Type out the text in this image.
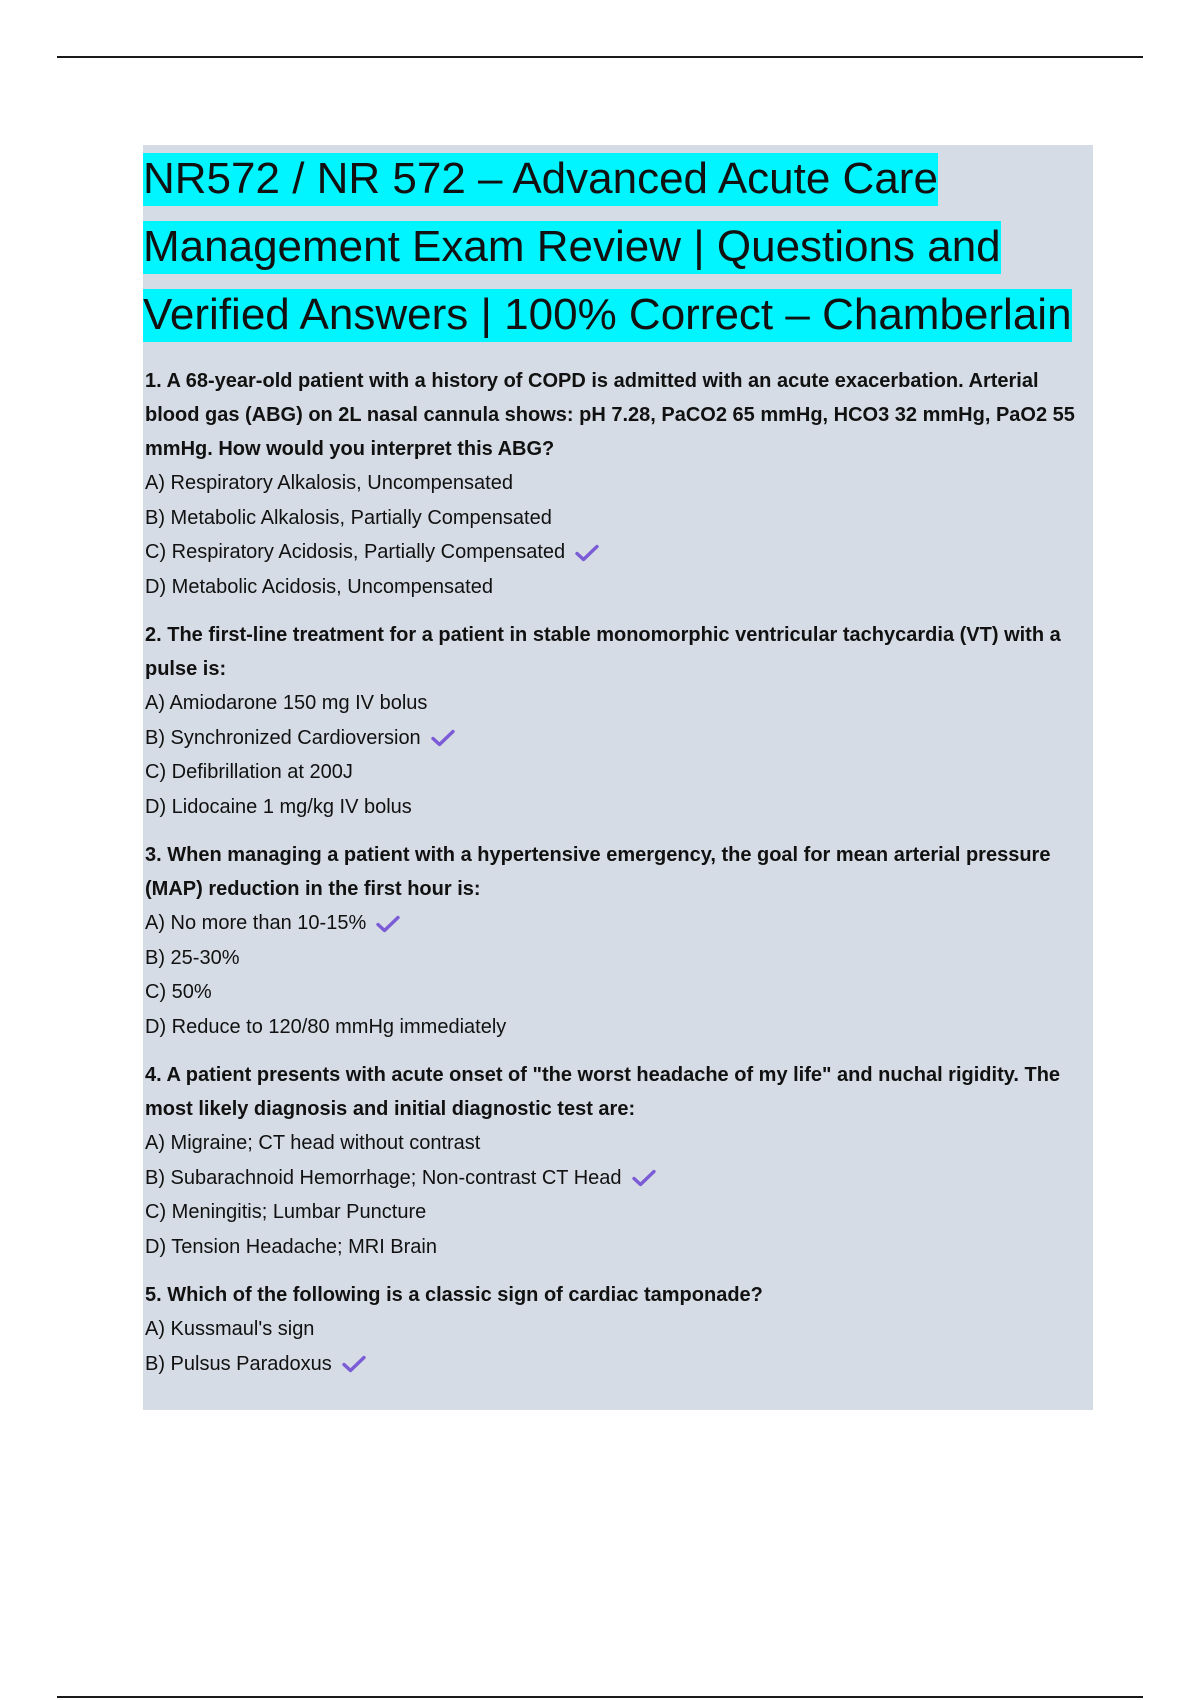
NR572 / NR 572 – Advanced Acute Care
Management Exam Review | Questions and
Verified Answers | 100% Correct – Chamberlain

1. A 68-year-old patient with a history of COPD is admitted with an acute exacerbation. Arterial blood gas (ABG) on 2L nasal cannula shows: pH 7.28, PaCO2 65 mmHg, HCO3 32 mmHg, PaO2 55 mmHg. How would you interpret this ABG?

A) Respiratory Alkalosis, Uncompensated

B) Metabolic Alkalosis, Partially Compensated

C) Respiratory Acidosis, Partially Compensated

D) Metabolic Acidosis, Uncompensated

2. The first-line treatment for a patient in stable monomorphic ventricular tachycardia (VT) with a pulse is:

A) Amiodarone 150 mg IV bolus

B) Synchronized Cardioversion

C) Defibrillation at 200J

D) Lidocaine 1 mg/kg IV bolus

3. When managing a patient with a hypertensive emergency, the goal for mean arterial pressure (MAP) reduction in the first hour is:

A) No more than 10-15%

B) 25-30%

C) 50%

D) Reduce to 120/80 mmHg immediately

4. A patient presents with acute onset of "the worst headache of my life" and nuchal rigidity. The most likely diagnosis and initial diagnostic test are:

A) Migraine; CT head without contrast

B) Subarachnoid Hemorrhage; Non-contrast CT Head

C) Meningitis; Lumbar Puncture

D) Tension Headache; MRI Brain

5. Which of the following is a classic sign of cardiac tamponade?

A) Kussmaul's sign

B) Pulsus Paradoxus
